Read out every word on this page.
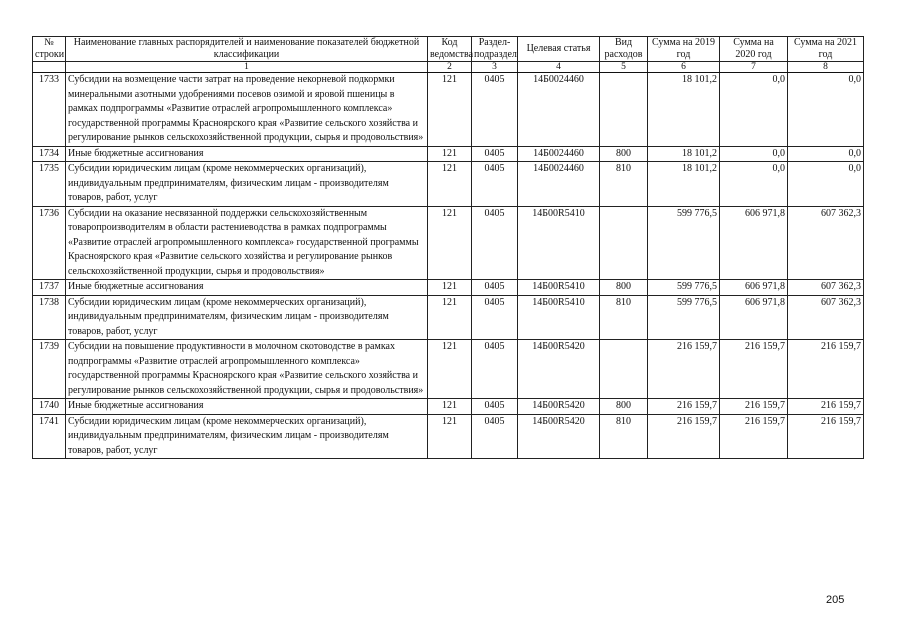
№ строки	Наименование главных распорядителей и наименование показателей бюджетной классификации	Код ведомства	Раздел-подраздел	Целевая статья	Вид расходов	Сумма на 2019 год	Сумма на 2020 год	Сумма на 2021 год
	1	2	3	4	5	6	7	8
1733	Субсидии на возмещение части затрат на проведение некорневой подкормки минеральными азотными удобрениями посевов озимой и яровой пшеницы в рамках подпрограммы «Развитие отраслей агропромышленного комплекса» государственной программы Красноярского края «Развитие сельского хозяйства и регулирование рынков сельскохозяйственной продукции, сырья и продовольствия»	121	0405	14Б0024460		18 101,2	0,0	0,0
1734	Иные бюджетные ассигнования	121	0405	14Б0024460	800	18 101,2	0,0	0,0
1735	Субсидии юридическим лицам (кроме некоммерческих организаций), индивидуальным предпринимателям, физическим лицам - производителям товаров, работ, услуг	121	0405	14Б0024460	810	18 101,2	0,0	0,0
1736	Субсидии на оказание несвязанной поддержки сельскохозяйственным товаропроизводителям в области растениеводства в рамках подпрограммы «Развитие отраслей агропромышленного комплекса» государственной программы Красноярского края «Развитие сельского хозяйства и регулирование рынков сельскохозяйственной продукции, сырья и продовольствия»	121	0405	14Б00R5410		599 776,5	606 971,8	607 362,3
1737	Иные бюджетные ассигнования	121	0405	14Б00R5410	800	599 776,5	606 971,8	607 362,3
1738	Субсидии юридическим лицам (кроме некоммерческих организаций), индивидуальным предпринимателям, физическим лицам - производителям товаров, работ, услуг	121	0405	14Б00R5410	810	599 776,5	606 971,8	607 362,3
1739	Субсидии на повышение продуктивности в молочном скотоводстве в рамках подпрограммы «Развитие отраслей агропромышленного комплекса» государственной программы Красноярского края «Развитие сельского хозяйства и регулирование рынков сельскохозяйственной продукции, сырья и продовольствия»	121	0405	14Б00R5420		216 159,7	216 159,7	216 159,7
1740	Иные бюджетные ассигнования	121	0405	14Б00R5420	800	216 159,7	216 159,7	216 159,7
1741	Субсидии юридическим лицам (кроме некоммерческих организаций), индивидуальным предпринимателям, физическим лицам - производителям товаров, работ, услуг	121	0405	14Б00R5420	810	216 159,7	216 159,7	216 159,7
205
